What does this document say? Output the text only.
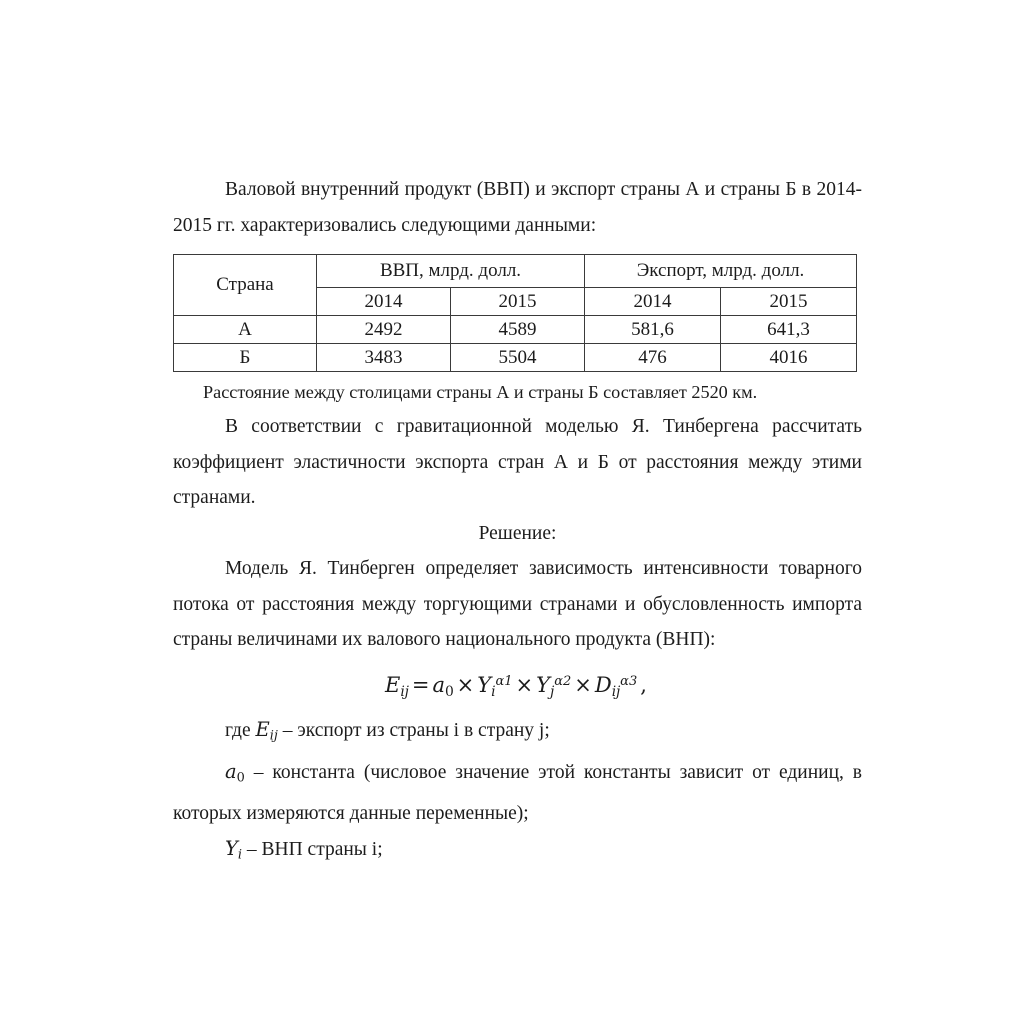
Валовой внутренний продукт (ВВП) и экспорт страны А и страны Б в 2014-2015 гг. характеризовались следующими данными:

Страна	ВВП, млрд. долл.		Экспорт, млрд. долл.	
	2014	2015	2014	2015
А	2492	4589	581,6	641,3
Б	3483	5504	476	4016

Расстояние между столицами страны А и страны Б составляет 2520 км.

В соответствии с гравитационной моделью Я. Тинбергена рассчитать коэффициент эластичности экспорта стран А и Б от расстояния между этими странами.

Решение:

Модель Я. Тинберген определяет зависимость интенсивности товарного потока от расстояния между торгующими странами и обусловленность импорта страны величинами их валового национального продукта (ВНП):

$E_{ij} = a_0 \times Y_i^{\alpha 1} \times Y_j^{\alpha 2} \times D_{ij}^{\alpha 3}$ ,

где $E_{ij}$ – экспорт из страны i в страну j;

$a_0$ – константа (числовое значение этой константы зависит от единиц, в которых измеряются данные переменные);

$Y_i$ – ВНП страны i;
